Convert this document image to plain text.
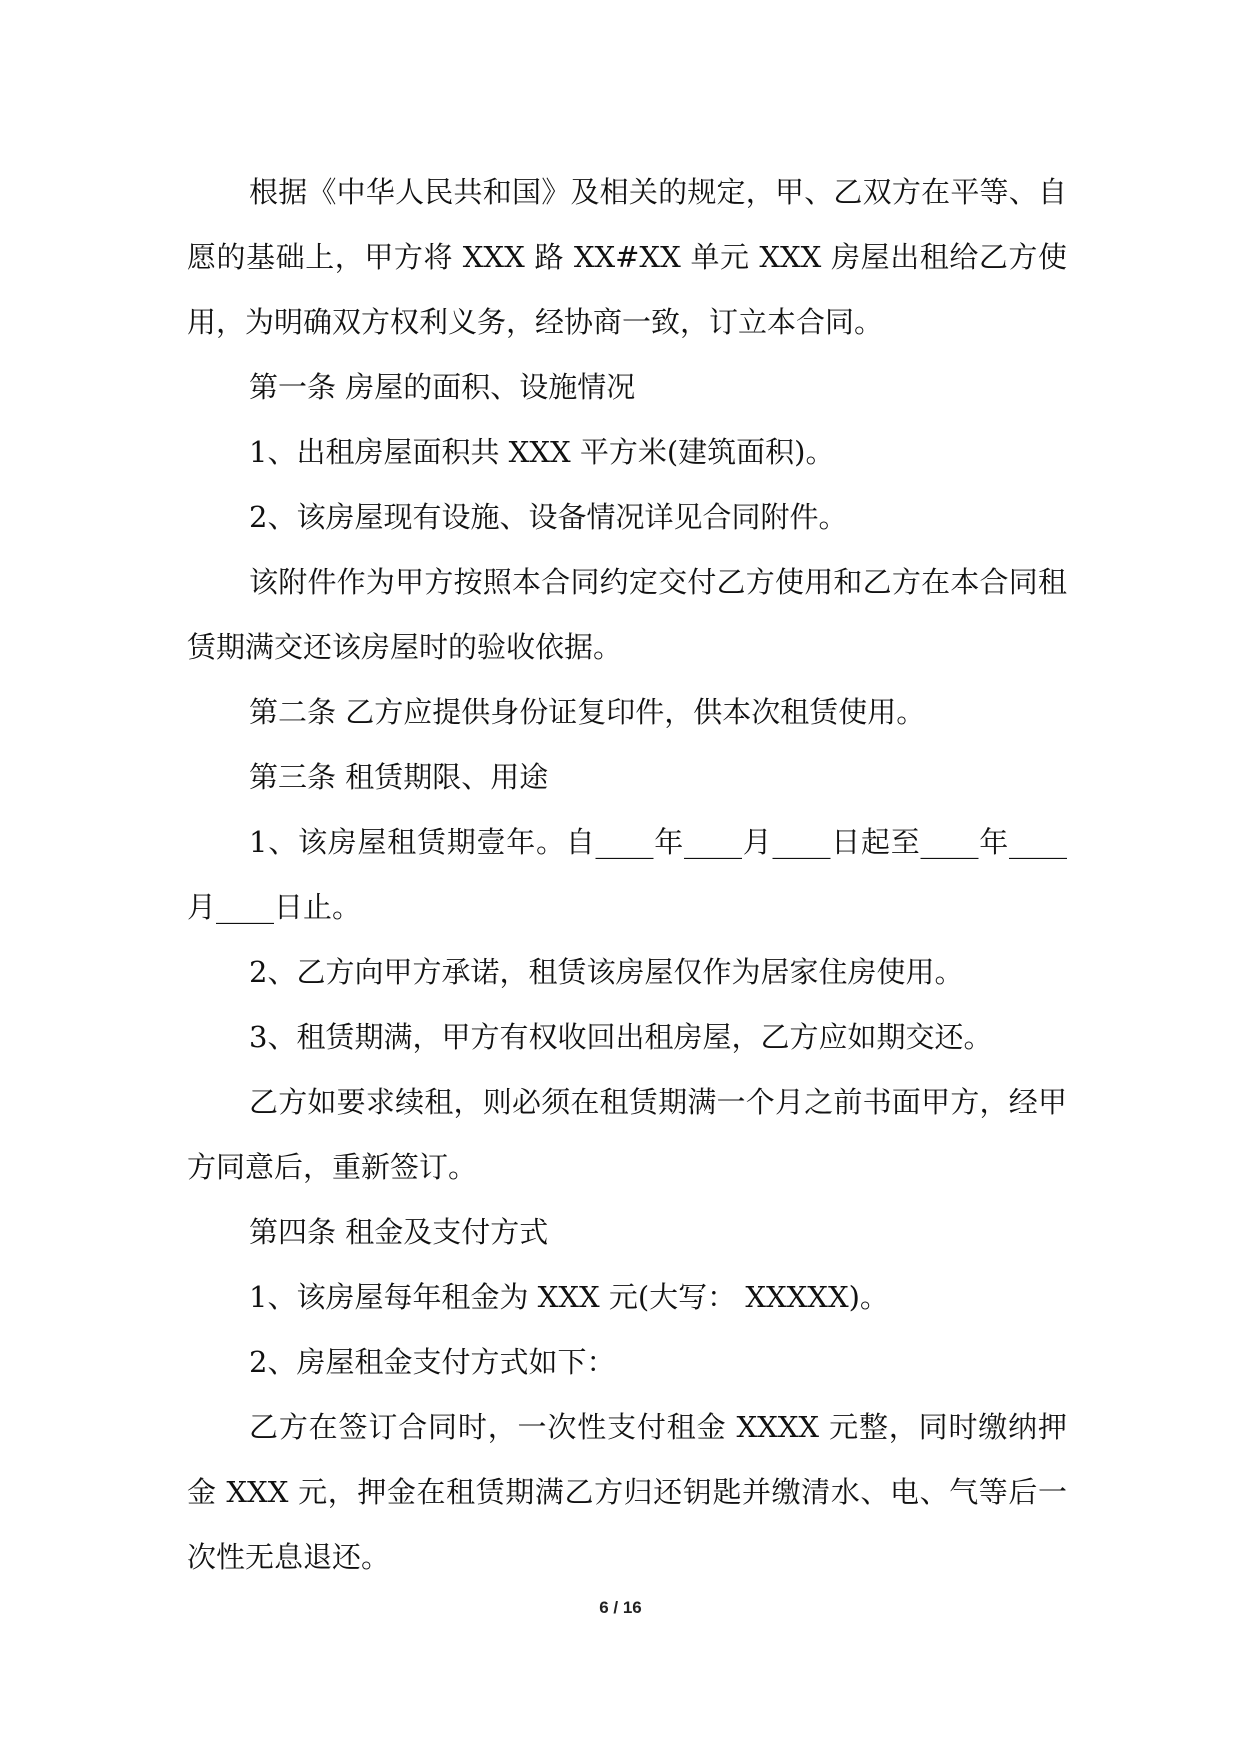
根据《中华人民共和国》及相关的规定，甲、乙双方在平等、自愿的基础上，甲方将 XXX 路 XX#XX 单元 XXX 房屋出租给乙方使用，为明确双方权利义务，经协商一致，订立本合同。

第一条 房屋的面积、设施情况

1、出租房屋面积共 XXX 平方米(建筑面积)。

2、该房屋现有设施、设备情况详见合同附件。

该附件作为甲方按照本合同约定交付乙方使用和乙方在本合同租赁期满交还该房屋时的验收依据。

第二条 乙方应提供身份证复印件，供本次租赁使用。

第三条 租赁期限、用途

1、该房屋租赁期壹年。自____年____月____日起至____年____月____日止。

2、乙方向甲方承诺，租赁该房屋仅作为居家住房使用。

3、租赁期满，甲方有权收回出租房屋，乙方应如期交还。

乙方如要求续租，则必须在租赁期满一个月之前书面甲方，经甲方同意后，重新签订。

第四条 租金及支付方式

1、该房屋每年租金为 XXX 元(大写： XXXXX)。

2、房屋租金支付方式如下：

乙方在签订合同时，一次性支付租金 XXXX 元整，同时缴纳押金 XXX 元，押金在租赁期满乙方归还钥匙并缴清水、电、气等后一次性无息退还。

6 / 16
